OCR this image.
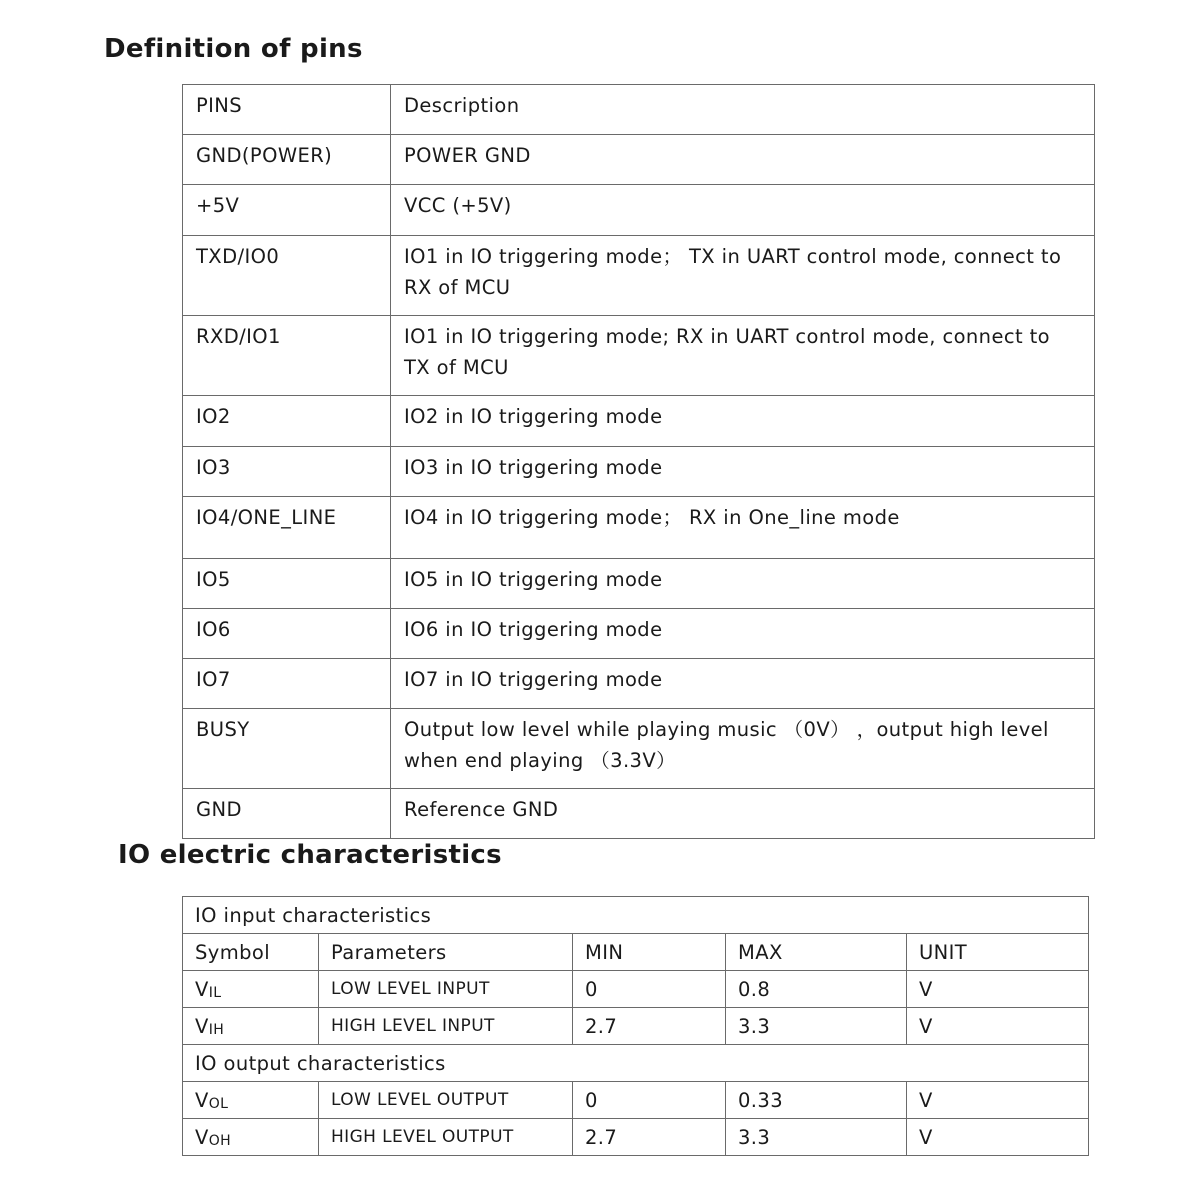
Definition of pins
PINS	Description
GND(POWER)	POWER GND
+5V	VCC (+5V)
TXD/IO0	IO1 in IO triggering mode； TX in UART control mode, connect to RX of MCU
RXD/IO1	IO1 in IO triggering mode; RX in UART control mode, connect to TX of MCU
IO2	IO2 in IO triggering mode
IO3	IO3 in IO triggering mode
IO4/ONE_LINE	IO4 in IO triggering mode； RX in One_line mode
IO5	IO5 in IO triggering mode
IO6	IO6 in IO triggering mode
IO7	IO7 in IO triggering mode
BUSY	Output low level while playing music （0V） ，output high level when end playing （3.3V）
GND	Reference GND
IO electric characteristics
IO input characteristics				
Symbol	Parameters	MIN	MAX	UNIT
$V_{IL}$	LOW LEVEL INPUT	0	0.8	V
$V_{IH}$	HIGH LEVEL INPUT	2.7	3.3	V
IO output characteristics				
$V_{OL}$	LOW LEVEL OUTPUT	0	0.33	V
$V_{OH}$	HIGH LEVEL OUTPUT	2.7	3.3	V
